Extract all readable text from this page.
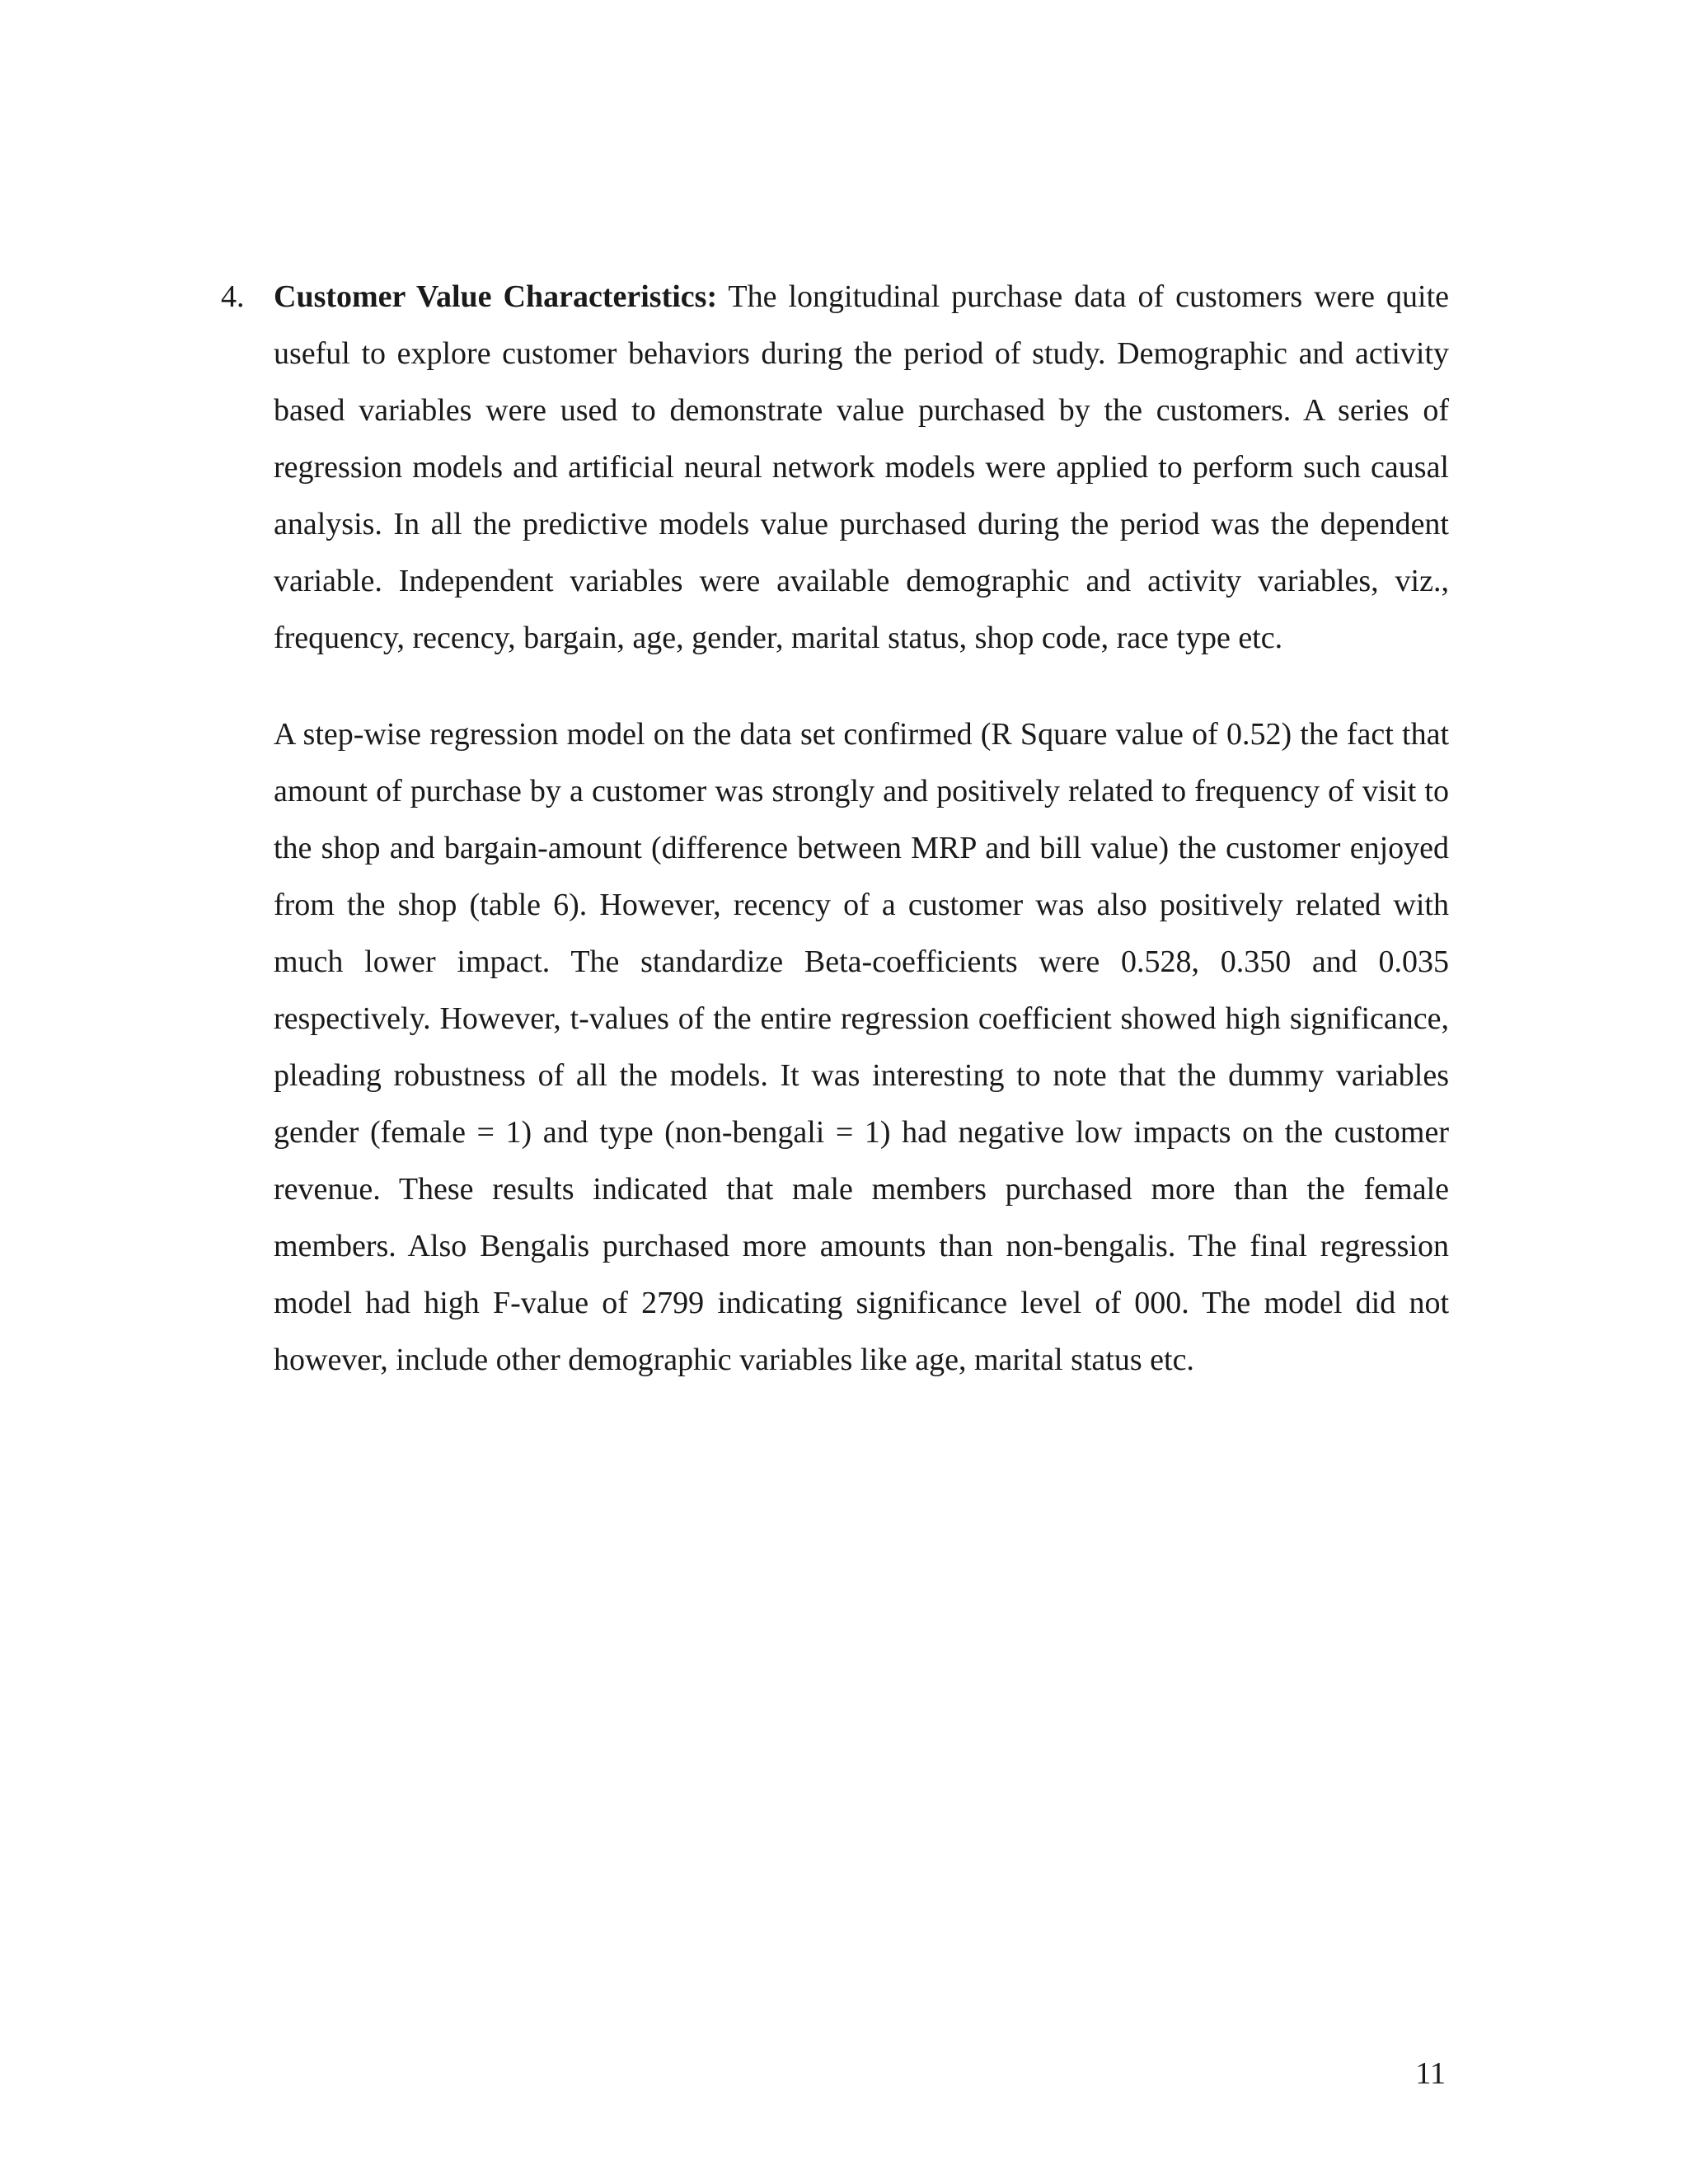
4. Customer Value Characteristics: The longitudinal purchase data of customers were quite useful to explore customer behaviors during the period of study. Demographic and activity based variables were used to demonstrate value purchased by the customers. A series of regression models and artificial neural network models were applied to perform such causal analysis. In all the predictive models value purchased during the period was the dependent variable. Independent variables were available demographic and activity variables, viz., frequency, recency, bargain, age, gender, marital status, shop code, race type etc.

A step-wise regression model on the data set confirmed (R Square value of 0.52) the fact that amount of purchase by a customer was strongly and positively related to frequency of visit to the shop and bargain-amount (difference between MRP and bill value) the customer enjoyed from the shop (table 6). However, recency of a customer was also positively related with much lower impact. The standardize Beta-coefficients were 0.528, 0.350 and 0.035 respectively. However, t-values of the entire regression coefficient showed high significance, pleading robustness of all the models. It was interesting to note that the dummy variables gender (female = 1) and type (non-bengali = 1) had negative low impacts on the customer revenue. These results indicated that male members purchased more than the female members. Also Bengalis purchased more amounts than non-bengalis. The final regression model had high F-value of 2799 indicating significance level of 000. The model did not however, include other demographic variables like age, marital status etc.

11
